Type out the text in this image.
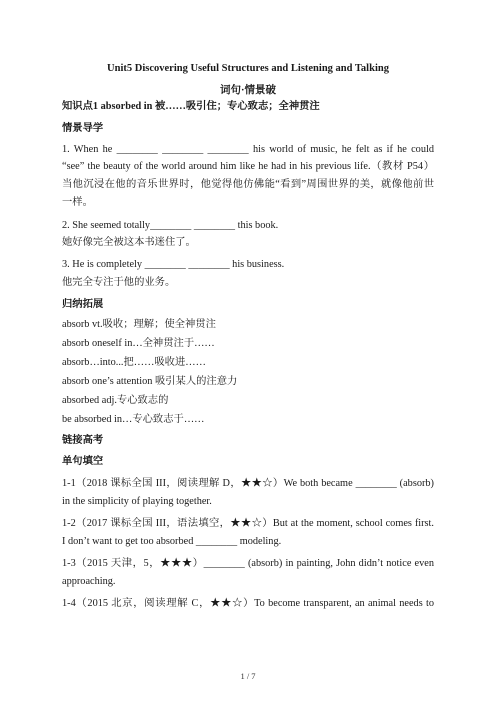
Unit5 Discovering Useful Structures and Listening and Talking
词句·情景破
知识点1 absorbed in 被……吸引住；专心致志；全神贯注
情景导学
1. When he ________ ________ ________ his world of music, he felt as if he could
“see” the beauty of the world around him like he had in his previous life.（教材 P54）
当他沉浸在他的音乐世界时，他觉得他仿佛能“看到”周围世界的美，就像他前世
一样。
2. She seemed totally________ ________ this book.
她好像完全被这本书迷住了。
3. He is completely ________ ________ his business.
他完全专注于他的业务。
归纳拓展
absorb vt.吸收；理解；使全神贯注
absorb oneself in…全神贯注于……
absorb…into...把……吸收进……
absorb one’s attention 吸引某人的注意力
absorbed adj.专心致志的
be absorbed in…专心致志于……
链接高考
单句填空
1-1（2018 课标全国 III，阅读理解 D，★★☆）We both became ________ (absorb)
in the simplicity of playing together.
1-2（2017 课标全国 III，语法填空，★★☆）But at the moment, school comes first.
I don’t want to get too absorbed ________ modeling.
1-3（2015 天津，5，★★★）________ (absorb) in painting, John didn’t notice even
approaching.
1-4（2015 北京，阅读理解 C，★★☆）To become transparent, an animal needs to
1 / 7
